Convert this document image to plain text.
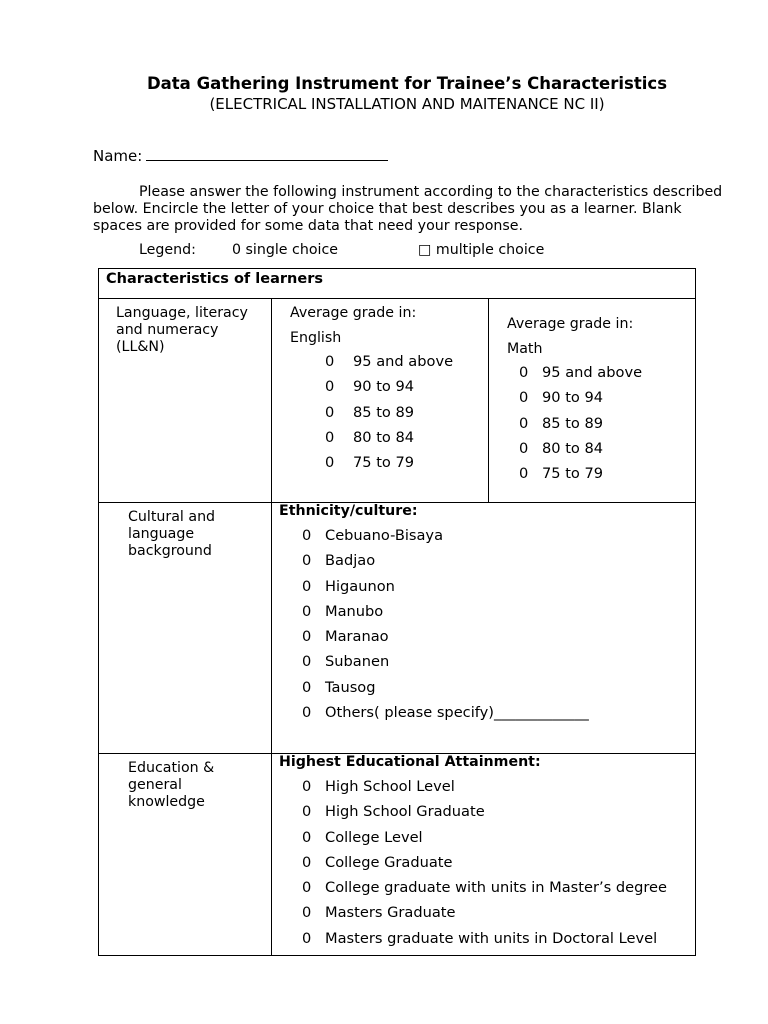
Data Gathering Instrument for Trainee’s Characteristics
(ELECTRICAL INSTALLATION AND MAITENANCE NC II)
Name:
Please answer the following instrument according to the characteristics described below. Encircle the letter of your choice that best describes you as a learner. Blank spaces are provided for some data that need your response.
Legend:	0 single choice	□ multiple choice
Characteristics of learners
Language, literacy and numeracy (LL&N)
Average grade in:
English
0 95 and above
0 90 to 94
0 85 to 89
0 80 to 84
0 75 to 79
Average grade in:
Math
0 95 and above
0 90 to 94
0 85 to 89
0 80 to 84
0 75 to 79
Cultural and language background
Ethnicity/culture:
0 Cebuano-Bisaya
0 Badjao
0 Higaunon
0 Manubo
0 Maranao
0 Subanen
0 Tausog
0 Others( please specify)_____________
Education & general knowledge
Highest Educational Attainment:
0 High School Level
0 High School Graduate
0 College Level
0 College Graduate
0 College graduate with units in Master’s degree
0 Masters Graduate
0 Masters graduate with units in Doctoral Level
